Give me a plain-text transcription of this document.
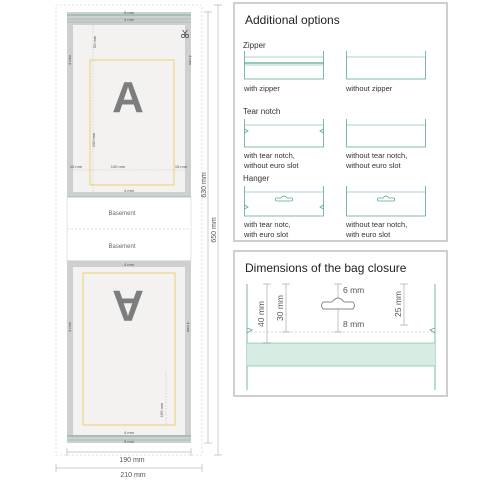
5 mm
4 mm
50 mm
4 mm	4 mm
A
200 mm
100 mm
15 mm	15 mm
4 mm
Basement
Basement
4 mm
4 mm	4 mm
A
165 mm
4 mm
5 mm
630 mm
650 mm
190 mm
210 mm
Additional options
Zipper
with zipper	without zipper
Tear notch
with tear notch,
without euro slot
without tear notch,
without euro slot
Hanger
with tear notc,
with euro slot
without tear notch,
with euro slot
Dimensions of the bag closure
40 mm 30 mm
6 mm
8 mm
25 mm
